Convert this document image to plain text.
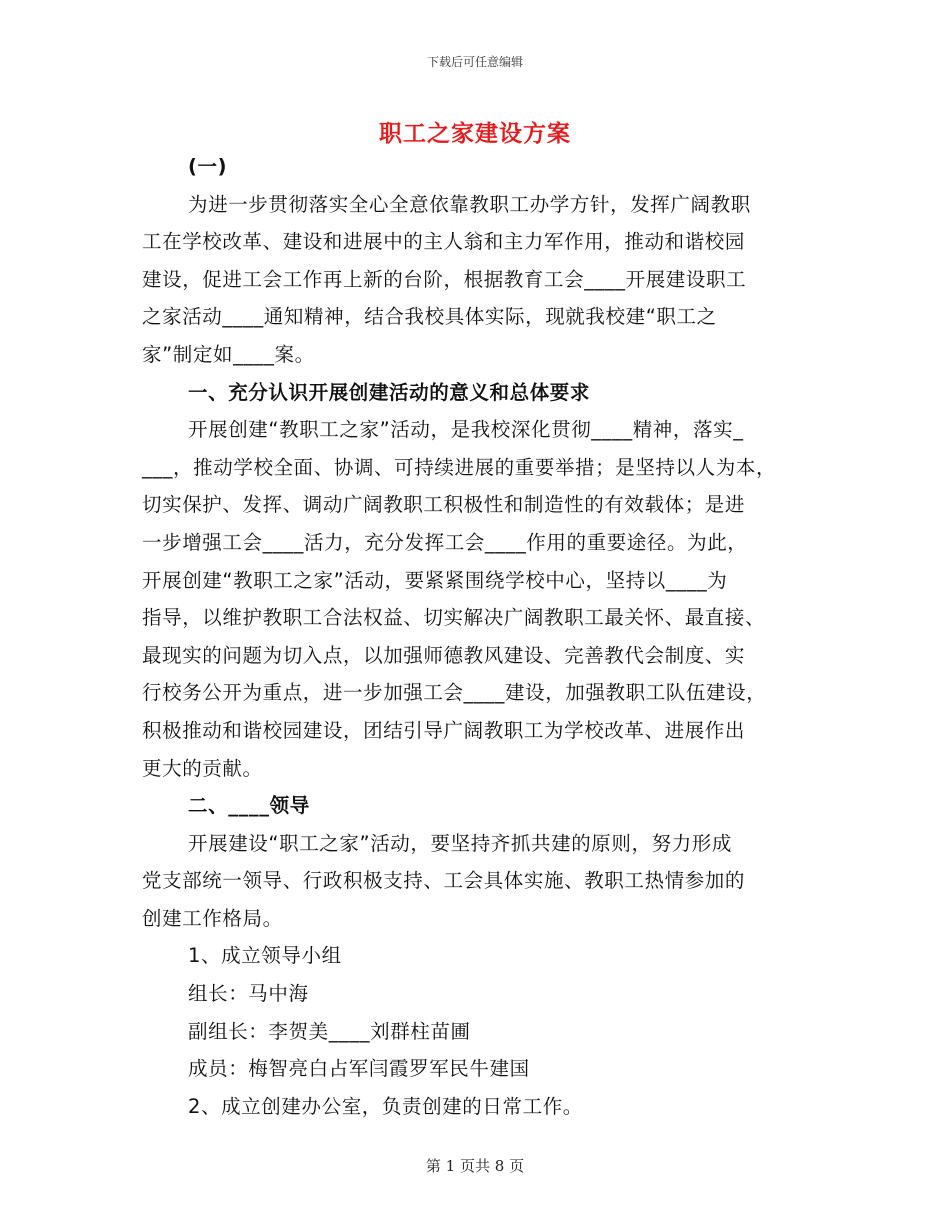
下载后可任意编辑
职工之家建设方案
(一)
为进一步贯彻落实全心全意依靠教职工办学方针，发挥广阔教职
工在学校改革、建设和进展中的主人翁和主力军作用，推动和谐校园
建设，促进工会工作再上新的台阶，根据教育工会____开展建设职工
之家活动____通知精神，结合我校具体实际，现就我校建“职工之
家”制定如____案。
一、充分认识开展创建活动的意义和总体要求
开展创建“教职工之家”活动，是我校深化贯彻____精神，落实_
___，推动学校全面、协调、可持续进展的重要举措；是坚持以人为本，
切实保护、发挥、调动广阔教职工积极性和制造性的有效载体；是进
一步增强工会____活力，充分发挥工会____作用的重要途径。为此，
开展创建“教职工之家”活动，要紧紧围绕学校中心，坚持以____为
指导，以维护教职工合法权益、切实解决广阔教职工最关怀、最直接、
最现实的问题为切入点，以加强师德教风建设、完善教代会制度、实
行校务公开为重点，进一步加强工会____建设，加强教职工队伍建设，
积极推动和谐校园建设，团结引导广阔教职工为学校改革、进展作出
更大的贡献。
二、____领导
开展建设“职工之家”活动，要坚持齐抓共建的原则，努力形成
党支部统一领导、行政积极支持、工会具体实施、教职工热情参加的
创建工作格局。
1、成立领导小组
组长：马中海
副组长：李贺美____刘群柱苗圃
成员：梅智亮白占军闫霞罗军民牛建国
2、成立创建办公室，负责创建的日常工作。
第 1 页共 8 页
